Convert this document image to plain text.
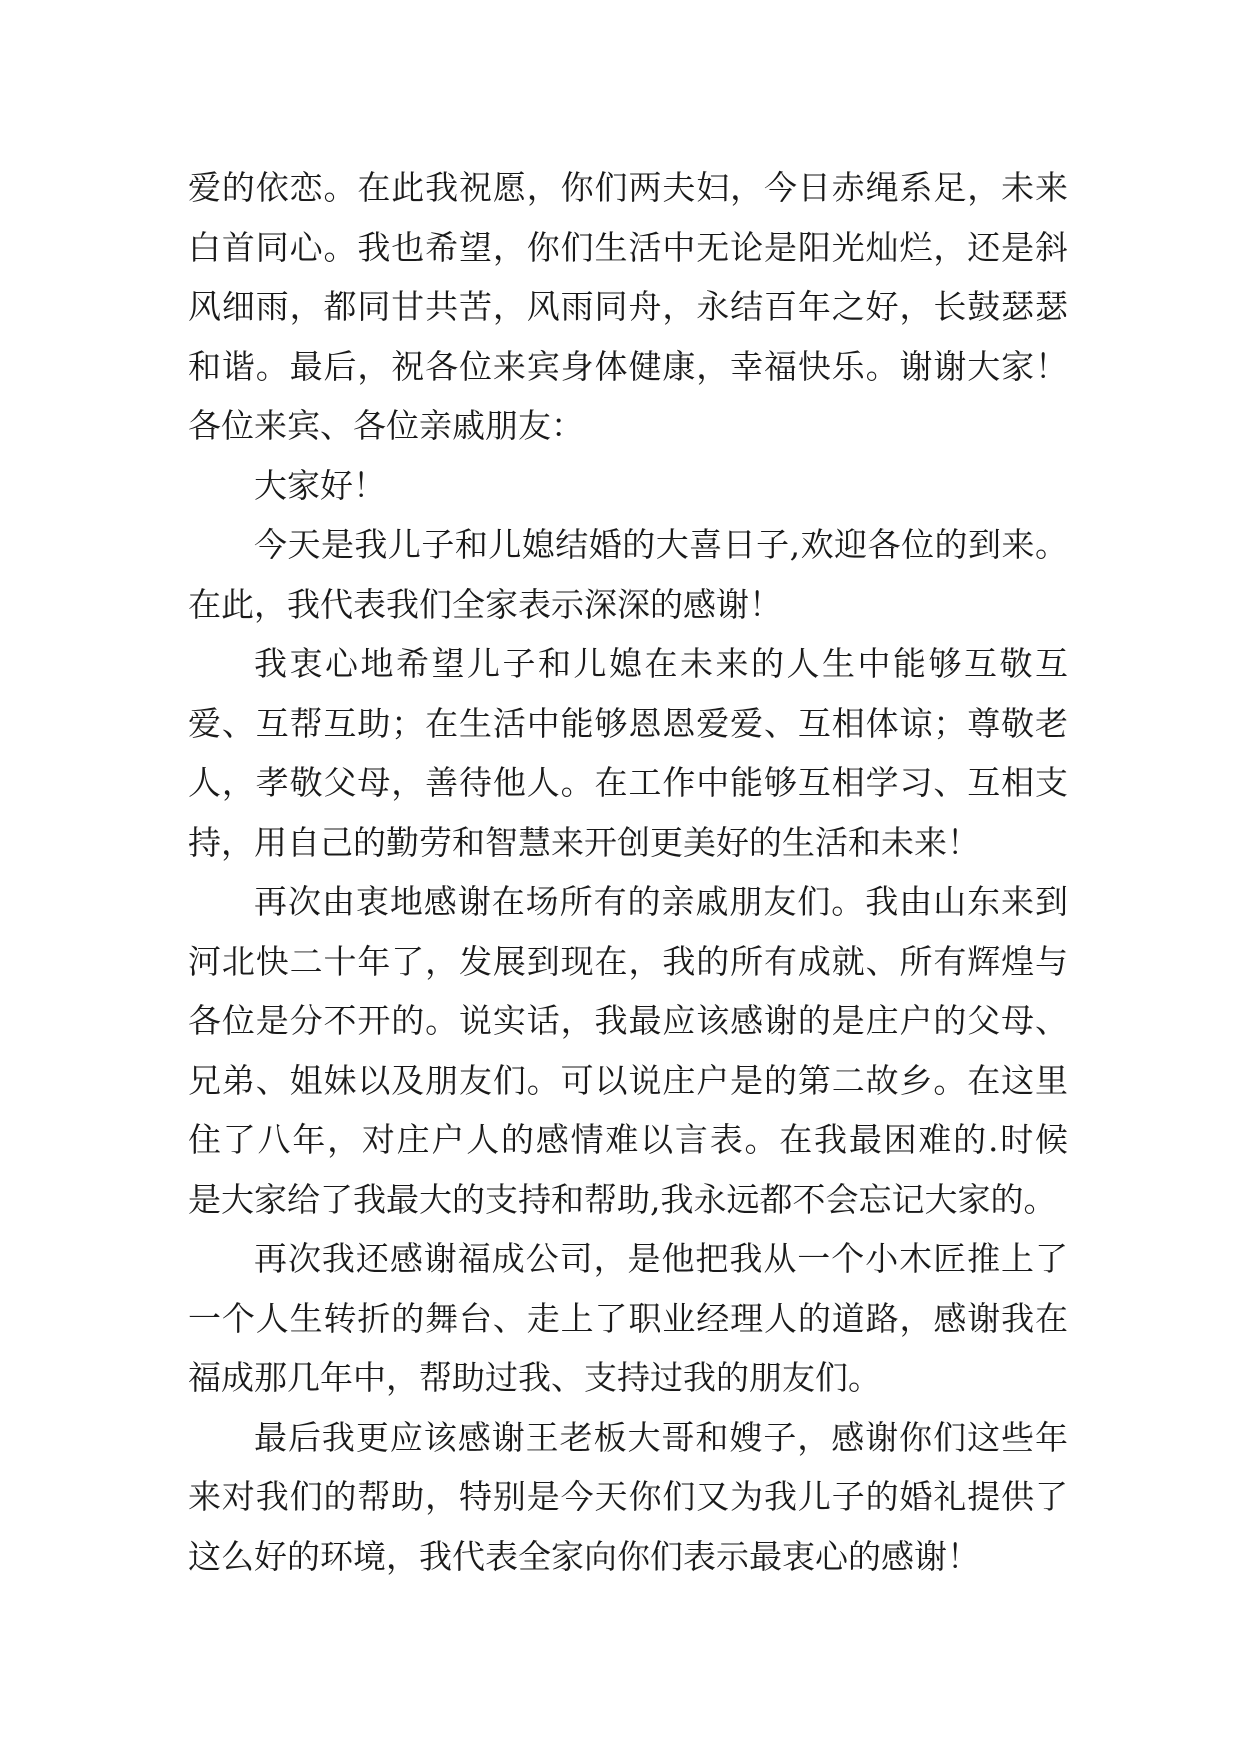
爱的依恋。在此我祝愿，你们两夫妇，今日赤绳系足，未来
白首同心。我也希望，你们生活中无论是阳光灿烂，还是斜
风细雨，都同甘共苦，风雨同舟，永结百年之好，长鼓瑟瑟
和谐。最后，祝各位来宾身体健康，幸福快乐。谢谢大家！
各位来宾、各位亲戚朋友：
大家好！
今天是我儿子和儿媳结婚的大喜日子,欢迎各位的到来。
在此，我代表我们全家表示深深的感谢！
我衷心地希望儿子和儿媳在未来的人生中能够互敬互
爱、互帮互助；在生活中能够恩恩爱爱、互相体谅；尊敬老
人，孝敬父母，善待他人。在工作中能够互相学习、互相支
持，用自己的勤劳和智慧来开创更美好的生活和未来！
再次由衷地感谢在场所有的亲戚朋友们。我由山东来到
河北快二十年了，发展到现在，我的所有成就、所有辉煌与
各位是分不开的。说实话，我最应该感谢的是庄户的父母、
兄弟、姐妹以及朋友们。可以说庄户是的第二故乡。在这里
住了八年，对庄户人的感情难以言表。在我最困难的.时候
是大家给了我最大的支持和帮助,我永远都不会忘记大家的。
再次我还感谢福成公司，是他把我从一个小木匠推上了
一个人生转折的舞台、走上了职业经理人的道路，感谢我在
福成那几年中，帮助过我、支持过我的朋友们。
最后我更应该感谢王老板大哥和嫂子，感谢你们这些年
来对我们的帮助，特别是今天你们又为我儿子的婚礼提供了
这么好的环境，我代表全家向你们表示最衷心的感谢！
